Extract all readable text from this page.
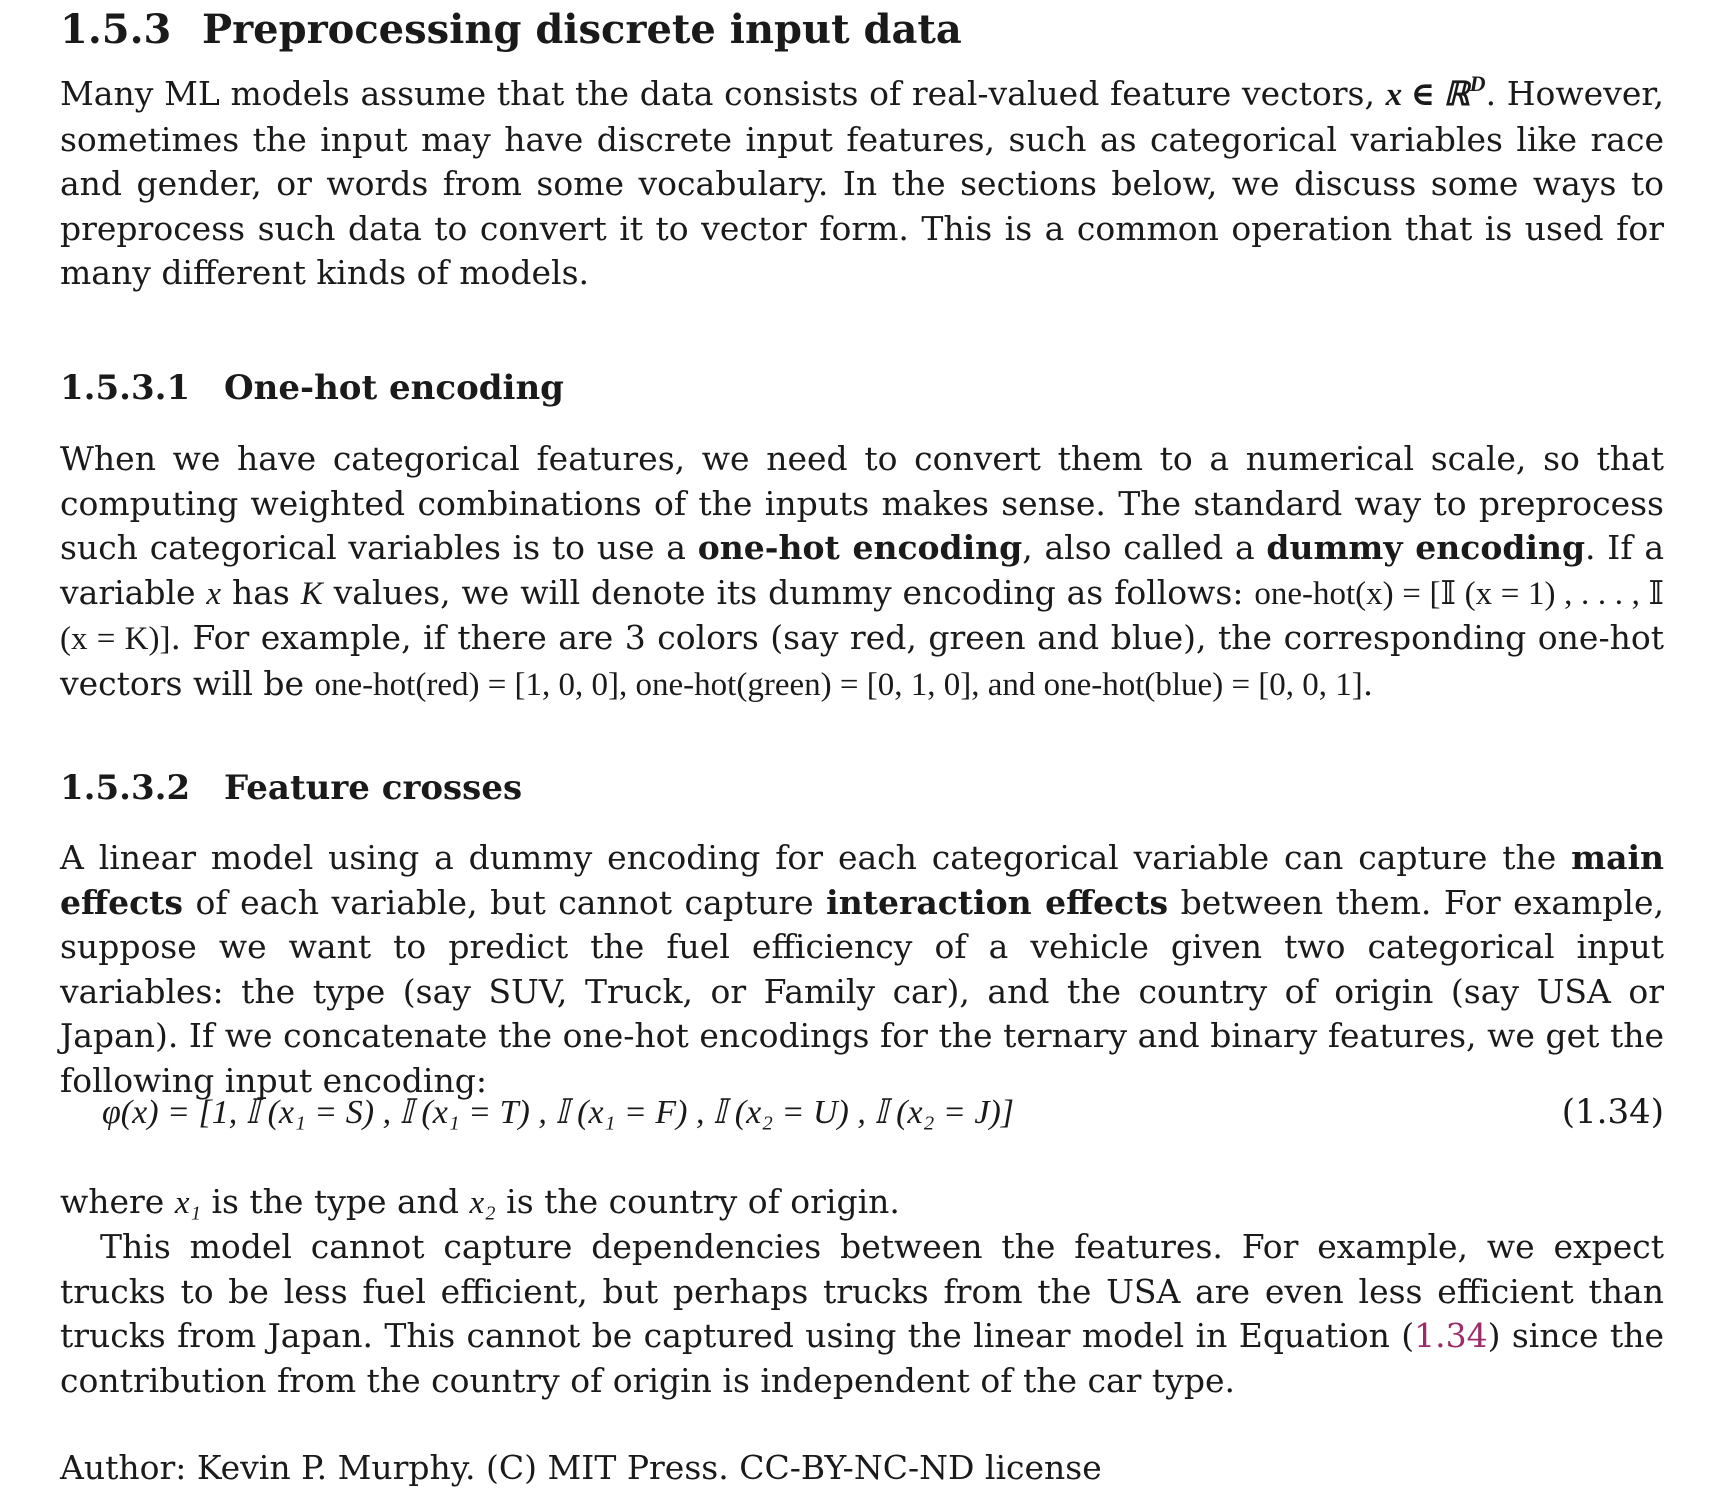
1.5.3 Preprocessing discrete input data

Many ML models assume that the data consists of real-valued feature vectors, x ∈ ℝ$^D$. However, sometimes the input may have discrete input features, such as categorical variables like race and gender, or words from some vocabulary. In the sections below, we discuss some ways to preprocess such data to convert it to vector form. This is a common operation that is used for many different kinds of models.

1.5.3.1 One-hot encoding

When we have categorical features, we need to convert them to a numerical scale, so that computing weighted combinations of the inputs makes sense. The standard way to preprocess such categorical variables is to use a one-hot encoding, also called a dummy encoding. If a variable x has K values, we will denote its dummy encoding as follows: one-hot(x) = [𝕀 (x = 1) , . . . , 𝕀 (x = K)]. For example, if there are 3 colors (say red, green and blue), the corresponding one-hot vectors will be one-hot(red) = [1, 0, 0], one-hot(green) = [0, 1, 0], and one-hot(blue) = [0, 0, 1].

1.5.3.2 Feature crosses

A linear model using a dummy encoding for each categorical variable can capture the main effects of each variable, but cannot capture interaction effects between them. For example, suppose we want to predict the fuel efficiency of a vehicle given two categorical input variables: the type (say SUV, Truck, or Family car), and the country of origin (say USA or Japan). If we concatenate the one-hot encodings for the ternary and binary features, we get the following input encoding:

φ(x) = [1, 𝕀 (x₁ = S) , 𝕀 (x₁ = T) , 𝕀 (x₁ = F) , 𝕀 (x₂ = U) , 𝕀 (x₂ = J)]	(1.34)

where x₁ is the type and x₂ is the country of origin.

This model cannot capture dependencies between the features. For example, we expect trucks to be less fuel efficient, but perhaps trucks from the USA are even less efficient than trucks from Japan. This cannot be captured using the linear model in Equation (1.34) since the contribution from the country of origin is independent of the car type.

Author: Kevin P. Murphy. (C) MIT Press. CC-BY-NC-ND license
